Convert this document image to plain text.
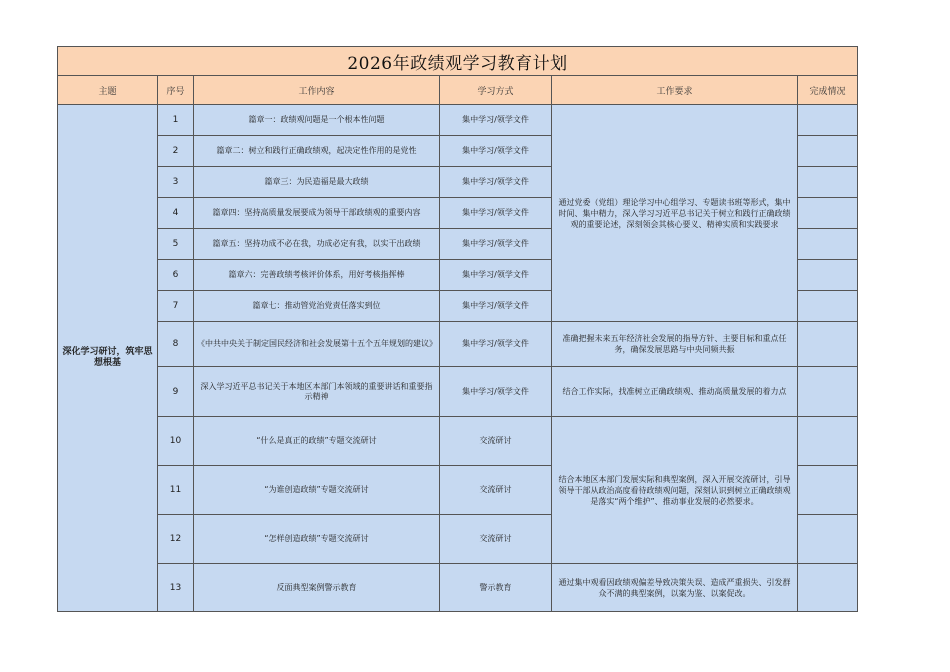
2026年政绩观学习教育计划					
主题	序号	工作内容	学习方式	工作要求	完成情况
深化学习研讨，筑牢思想根基	1	篇章一：政绩观问题是一个根本性问题	集中学习/领学文件	通过党委（党组）理论学习中心组学习、专题读书班等形式，集中时间、集中精力，深入学习习近平总书记关于树立和践行正确政绩观的重要论述，深刻领会其核心要义、精神实质和实践要求	
	2	篇章二：树立和践行正确政绩观，起决定性作用的是党性	集中学习/领学文件		
	3	篇章三：为民造福是最大政绩	集中学习/领学文件		
	4	篇章四：坚持高质量发展要成为领导干部政绩观的重要内容	集中学习/领学文件		
	5	篇章五：坚持功成不必在我，功成必定有我，以实干出政绩	集中学习/领学文件		
	6	篇章六：完善政绩考核评价体系，用好考核指挥棒	集中学习/领学文件		
	7	篇章七：推动管党治党责任落实到位	集中学习/领学文件		
	8	《中共中央关于制定国民经济和社会发展第十五个五年规划的建议》	集中学习/领学文件	准确把握未来五年经济社会发展的指导方针、主要目标和重点任务，确保发展思路与中央同频共振	
	9	深入学习近平总书记关于本地区本部门本领域的重要讲话和重要指示精神	集中学习/领学文件	结合工作实际，找准树立正确政绩观、推动高质量发展的着力点	
	10	“什么是真正的政绩”专题交流研讨	交流研讨	结合本地区本部门发展实际和典型案例，深入开展交流研讨，引导领导干部从政治高度看待政绩观问题，深刻认识到树立正确政绩观是落实“两个维护”、推动事业发展的必然要求。	
	11	“为谁创造政绩”专题交流研讨	交流研讨		
	12	“怎样创造政绩”专题交流研讨	交流研讨		
	13	反面典型案例警示教育	警示教育	通过集中观看因政绩观偏差导致决策失误、造成严重损失、引发群众不满的典型案例，以案为鉴、以案促改。	
